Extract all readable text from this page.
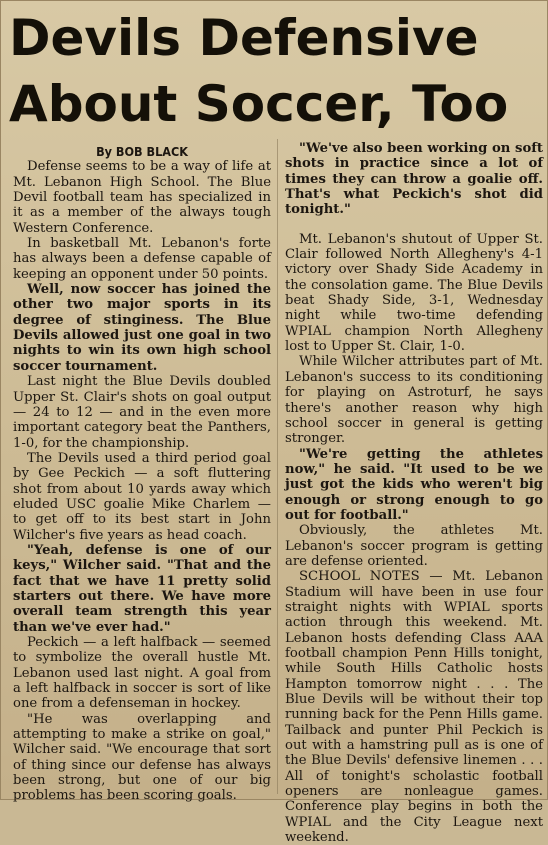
Devils Defensive
About Soccer, Too
By BOB BLACK

Defense seems to be a way of life at Mt. Lebanon High School. The Blue Devil football team has specialized in it as a member of the always tough Western Conference.

In basketball Mt. Lebanon's forte has always been a defense capable of keeping an opponent under 50 points.

Well, now soccer has joined the other two major sports in its degree of stinginess. The Blue Devils allowed just one goal in two nights to win its own high school soccer tournament.

Last night the Blue Devils doubled Upper St. Clair's shots on goal output — 24 to 12 — and in the even more important category beat the Panthers, 1-0, for the championship.

The Devils used a third period goal by Gee Peckich — a soft fluttering shot from about 10 yards away which eluded USC goalie Mike Charlem — to get off to its best start in John Wilcher's five years as head coach.

"Yeah, defense is one of our keys," Wilcher said. "That and the fact that we have 11 pretty solid starters out there. We have more overall team strength this year than we've ever had."

Peckich — a left halfback — seemed to symbolize the overall hustle Mt. Lebanon used last night. A goal from a left halfback in soccer is sort of like one from a defenseman in hockey.

"He was overlapping and attempting to make a strike on goal," Wilcher said. "We encourage that sort of thing since our defense has always been strong, but one of our big problems has been scoring goals.

"We've also been working on soft shots in practice since a lot of times they can throw a goalie off. That's what Peckich's shot did tonight."

Mt. Lebanon's shutout of Upper St. Clair followed North Allegheny's 4-1 victory over Shady Side Academy in the consolation game. The Blue Devils beat Shady Side, 3-1, Wednesday night while two-time defending WPIAL champion North Allegheny lost to Upper St. Clair, 1-0.

While Wilcher attributes part of Mt. Lebanon's success to its conditioning for playing on Astroturf, he says there's another reason why high school soccer in general is getting stronger.

"We're getting the athletes now," he said. "It used to be we just got the kids who weren't big enough or strong enough to go out for football."

Obviously, the athletes Mt. Lebanon's soccer program is getting are defense oriented.

SCHOOL NOTES — Mt. Lebanon Stadium will have been in use four straight nights with WPIAL sports action through this weekend. Mt. Lebanon hosts defending Class AAA football champion Penn Hills tonight, while South Hills Catholic hosts Hampton tomorrow night . . . The Blue Devils will be without their top running back for the Penn Hills game. Tailback and punter Phil Peckich is out with a hamstring pull as is one of the Blue Devils' defensive linemen . . . All of tonight's scholastic football openers are nonleague games. Conference play begins in both the WPIAL and the City League next weekend.
